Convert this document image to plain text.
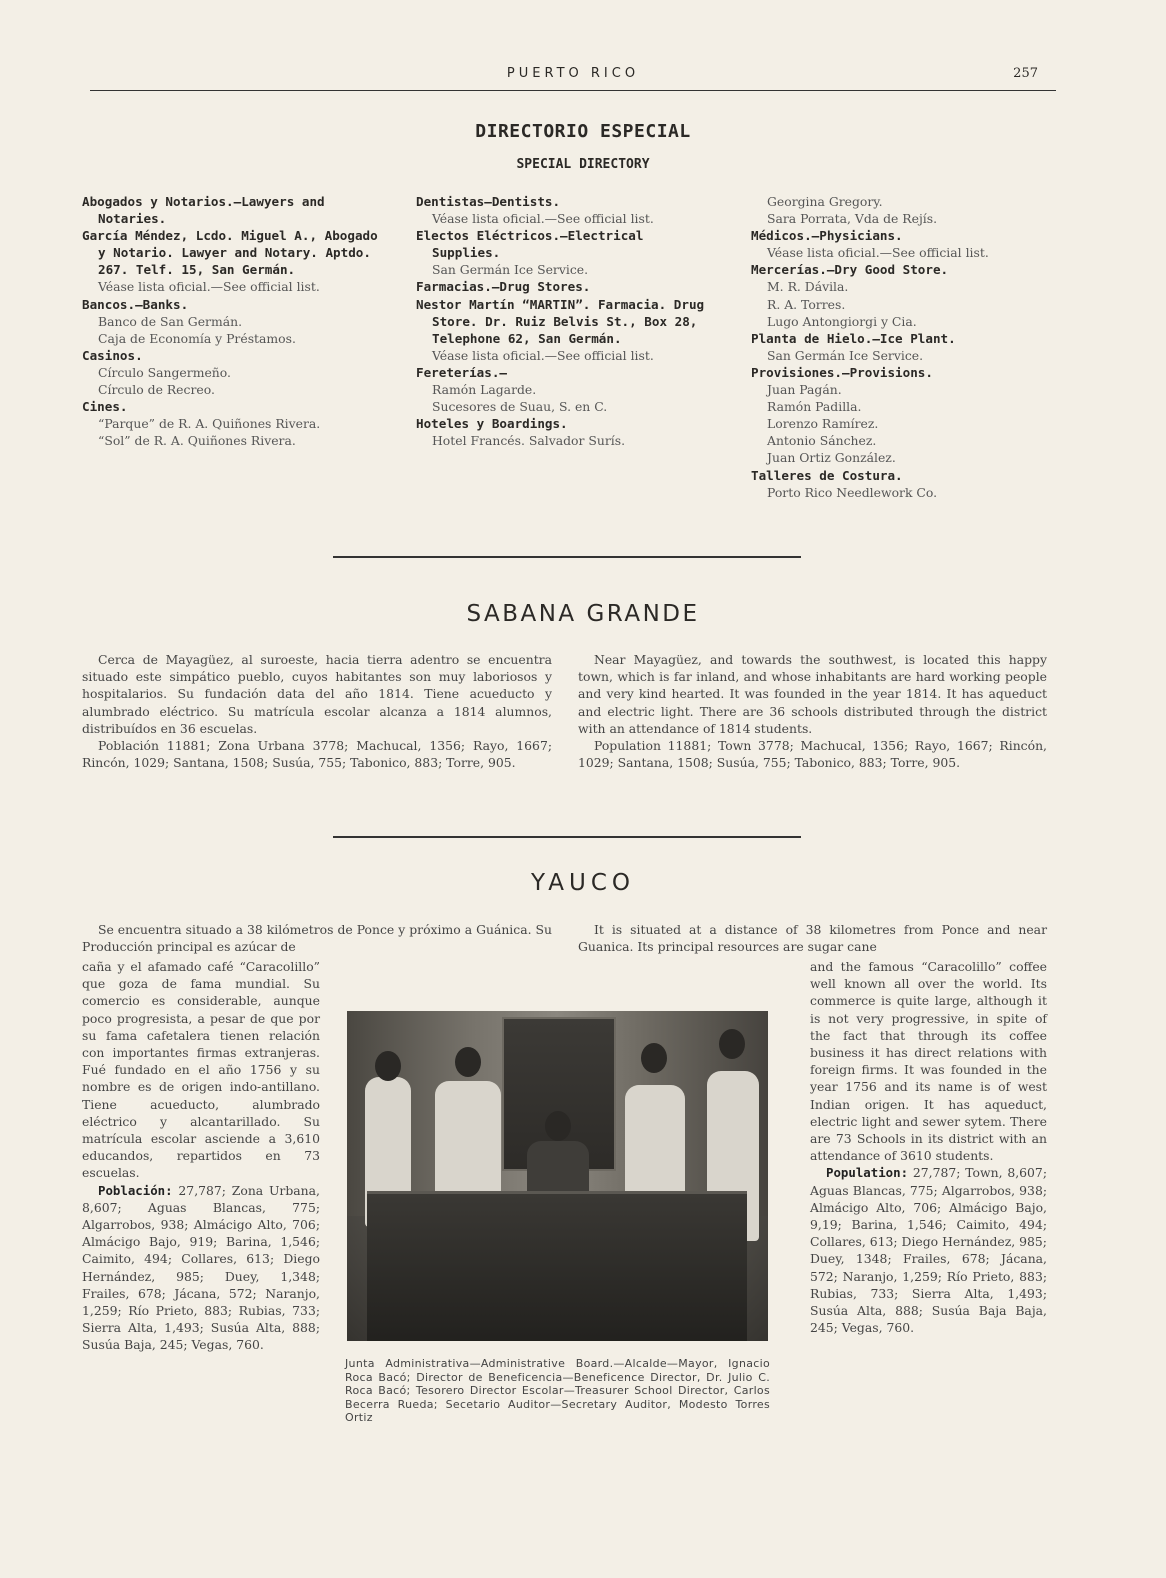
PUERTO RICO	257
DIRECTORIO ESPECIAL
SPECIAL DIRECTORY
Abogados y Notarios.—Lawyers and Notaries.
García Méndez, Lcdo. Miguel A., Abogado y Notario. Lawyer and Notary. Aptdo. 267. Telf. 15, San Germán.
Véase lista oficial.—See official list.
Bancos.—Banks.
Banco de San Germán.
Caja de Economía y Préstamos.
Casinos.
Círculo Sangermeño.
Círculo de Recreo.
Cines.
“Parque” de R. A. Quiñones Rivera.
“Sol” de R. A. Quiñones Rivera.
Dentistas—Dentists.
Véase lista oficial.—See official list.
Electos Eléctricos.—Electrical Supplies.
San Germán Ice Service.
Farmacias.—Drug Stores.
Nestor Martín “MARTIN”. Farmacia. Drug Store. Dr. Ruiz Belvis St., Box 28, Telephone 62, San Germán.
Véase lista oficial.—See official list.
Fereterías.—
Ramón Lagarde.
Sucesores de Suau, S. en C.
Hoteles y Boardings.
Hotel Francés. Salvador Surís.
Georgina Gregory.
Sara Porrata, Vda de Rejís.
Médicos.—Physicians.
Véase lista oficial.—See official list.
Mercerías.—Dry Good Store.
M. R. Dávila.
R. A. Torres.
Lugo Antongiorgi y Cia.
Planta de Hielo.—Ice Plant.
San Germán Ice Service.
Provisiones.—Provisions.
Juan Pagán.
Ramón Padilla.
Lorenzo Ramírez.
Antonio Sánchez.
Juan Ortiz González.
Talleres de Costura.
Porto Rico Needlework Co.
SABANA GRANDE

Cerca de Mayagüez, al suroeste, hacia tierra adentro se encuentra situado este simpático pueblo, cuyos habitantes son muy laboriosos y hospitalarios. Su fundación data del año 1814. Tiene acueducto y alumbrado eléctrico. Su matrícula escolar alcanza a 1814 alumnos, distribuídos en 36 escuelas.

Población 11881; Zona Urbana 3778; Machucal, 1356; Rayo, 1667; Rincón, 1029; Santana, 1508; Susúa, 755; Tabonico, 883; Torre, 905.

Near Mayagüez, and towards the southwest, is located this happy town, which is far inland, and whose inhabitants are hard working people and very kind hearted. It was founded in the year 1814. It has aqueduct and electric light. There are 36 schools distributed through the district with an attendance of 1814 students.

Population 11881; Town 3778; Machucal, 1356; Rayo, 1667; Rincón, 1029; Santana, 1508; Susúa, 755; Tabonico, 883; Torre, 905.

YAUCO

Se encuentra situado a 38 kilómetros de Ponce y próximo a Guánica. Su Producción principal es azúcar de

It is situated at a distance of 38 kilometres from Ponce and near Guanica. Its principal resources are sugar cane

caña y el afamado café “Caracolillo” que goza de fama mundial. Su comercio es considerable, aunque poco progresista, a pesar de que por su fama cafetalera tienen relación con importantes firmas extranjeras. Fué fundado en el año 1756 y su nombre es de origen indo-antillano. Tiene acueducto, alumbrado eléctrico y alcantarillado. Su matrícula escolar asciende a 3,610 educandos, repartidos en 73 escuelas.

Población: 27,787; Zona Urbana, 8,607; Aguas Blancas, 775; Algarrobos, 938; Almácigo Alto, 706; Almácigo Bajo, 919; Barina, 1,546; Caimito, 494; Collares, 613; Diego Hernández, 985; Duey, 1,348; Frailes, 678; Jácana, 572; Naranjo, 1,259; Río Prieto, 883; Rubias, 733; Sierra Alta, 1,493; Susúa Alta, 888; Susúa Baja, 245; Vegas, 760.

and the famous “Caracolillo” coffee well known all over the world. Its commerce is quite large, although it is not very progressive, in spite of the fact that through its coffee business it has direct relations with foreign firms. It was founded in the year 1756 and its name is of west Indian origen. It has aqueduct, electric light and sewer sytem. There are 73 Schools in its district with an attendance of 3610 students.

Population: 27,787; Town, 8,607; Aguas Blancas, 775; Algarrobos, 938; Almácigo Alto, 706; Almácigo Bajo, 9,19; Barina, 1,546; Caimito, 494; Collares, 613; Diego Hernández, 985; Duey, 1348; Frailes, 678; Jácana, 572; Naranjo, 1,259; Río Prieto, 883; Rubias, 733; Sierra Alta, 1,493; Susúa Alta, 888; Susúa Baja Baja, 245; Vegas, 760.

Junta Administrativa—Administrative Board.—Alcalde—Mayor, Ignacio Roca Bacó; Director de Beneficencia—Beneficence Director, Dr. Julio C. Roca Bacó; Tesorero Director Escolar—Treasurer School Director, Carlos Becerra Rueda; Secetario Auditor—Secretary Auditor, Modesto Torres Ortiz
